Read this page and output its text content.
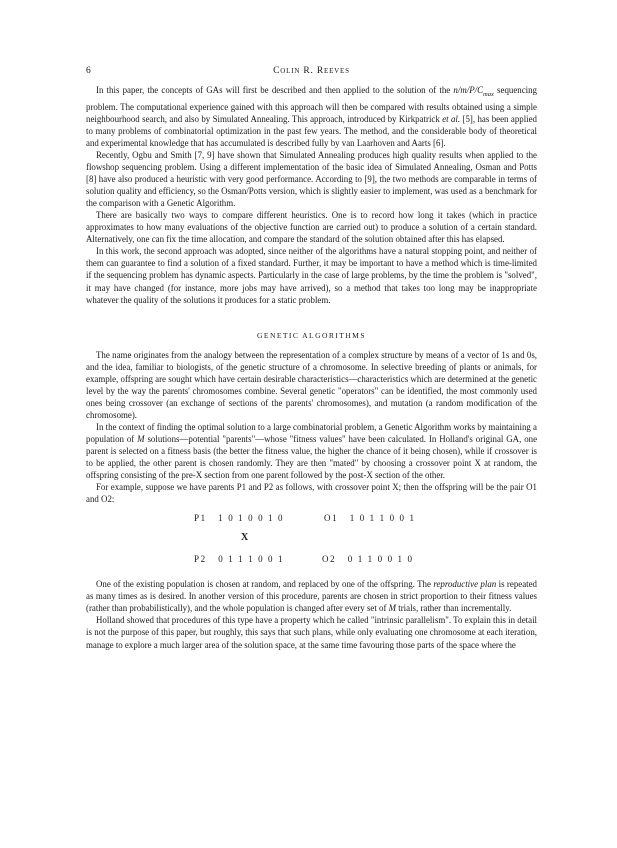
6	Colin R. Reeves

In this paper, the concepts of GAs will first be described and then applied to the solution of the $n/m/P/C_{max}$ sequencing problem. The computational experience gained with this approach will then be compared with results obtained using a simple neighbourhood search, and also by Simulated Annealing. This approach, introduced by Kirkpatrick et al. [5], has been applied to many problems of combinatorial optimization in the past few years. The method, and the considerable body of theoretical and experimental knowledge that has accumulated is described fully by van Laarhoven and Aarts [6].

Recently, Ogbu and Smith [7, 9] have shown that Simulated Annealing produces high quality results when applied to the flowshop sequencing problem. Using a different implementation of the basic idea of Simulated Annealing, Osman and Potts [8] have also produced a heuristic with very good performance. According to [9], the two methods are comparable in terms of solution quality and efficiency, so the Osman/Potts version, which is slightly easier to implement, was used as a benchmark for the comparison with a Genetic Algorithm.

There are basically two ways to compare different heuristics. One is to record how long it takes (which in practice approximates to how many evaluations of the objective function are carried out) to produce a solution of a certain standard. Alternatively, one can fix the time allocation, and compare the standard of the solution obtained after this has elapsed.

In this work, the second approach was adopted, since neither of the algorithms have a natural stopping point, and neither of them can guarantee to find a solution of a fixed standard. Further, it may be important to have a method which is time-limited if the sequencing problem has dynamic aspects. Particularly in the case of large problems, by the time the problem is "solved", it may have changed (for instance, more jobs may have arrived), so a method that takes too long may be inappropriate whatever the quality of the solutions it produces for a static problem.

GENETIC ALGORITHMS

The name originates from the analogy between the representation of a complex structure by means of a vector of 1s and 0s, and the idea, familiar to biologists, of the genetic structure of a chromosome. In selective breeding of plants or animals, for example, offspring are sought which have certain desirable characteristics—characteristics which are determined at the genetic level by the way the parents' chromosomes combine. Several genetic "operators" can be identified, the most commonly used ones being crossover (an exchange of sections of the parents' chromosomes), and mutation (a random modification of the chromosome).

In the context of finding the optimal solution to a large combinatorial problem, a Genetic Algorithm works by maintaining a population of M solutions—potential "parents"—whose "fitness values" have been calculated. In Holland's original GA, one parent is selected on a fitness basis (the better the fitness value, the higher the chance of it being chosen), while if crossover is to be applied, the other parent is chosen randomly. They are then "mated" by choosing a crossover point X at random, the offspring consisting of the pre-X section from one parent followed by the post-X section of the other.

For example, suppose we have parents P1 and P2 as follows, with crossover point X; then the offspring will be the pair O1 and O2:

P1 1 0 1 0 0 1 0	O1 1 0 1 1 0 0 1
X
P2 0 1 1 1 0 0 1	O2 0 1 1 0 0 1 0

One of the existing population is chosen at random, and replaced by one of the offspring. The reproductive plan is repeated as many times as is desired. In another version of this procedure, parents are chosen in strict proportion to their fitness values (rather than probabilistically), and the whole population is changed after every set of M trials, rather than incrementally.

Holland showed that procedures of this type have a property which he called "intrinsic parallelism". To explain this in detail is not the purpose of this paper, but roughly, this says that such plans, while only evaluating one chromosome at each iteration, manage to explore a much larger area of the solution space, at the same time favouring those parts of the space where the
